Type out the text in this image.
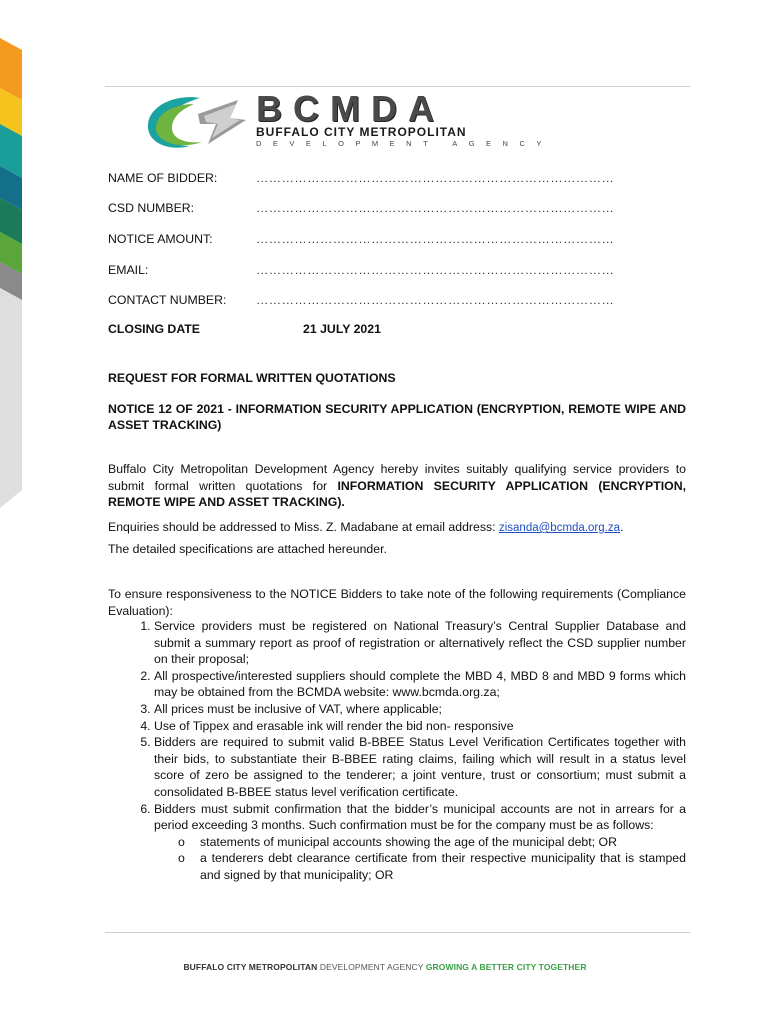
BCMDA
BUFFALO CITY METROPOLITAN
DEVELOPMENT AGENCY
NAME OF BIDDER:	…………………………………………………………………………
CSD NUMBER:	…………………………………………………………………………
NOTICE AMOUNT:	…………………………………………………………………………
EMAIL:	…………………………………………………………………………
CONTACT NUMBER: …………………………………………………………………………
CLOSING DATE	21 JULY 2021
REQUEST FOR FORMAL WRITTEN QUOTATIONS
NOTICE 12 OF 2021 - INFORMATION SECURITY APPLICATION (ENCRYPTION, REMOTE WIPE AND ASSET TRACKING)
Buffalo City Metropolitan Development Agency hereby invites suitably qualifying service providers to submit formal written quotations for INFORMATION SECURITY APPLICATION (ENCRYPTION, REMOTE WIPE AND ASSET TRACKING).
Enquiries should be addressed to Miss. Z. Madabane at email address: zisanda@bcmda.org.za.
The detailed specifications are attached hereunder.
To ensure responsiveness to the NOTICE Bidders to take note of the following requirements (Compliance Evaluation):
1. Service providers must be registered on National Treasury’s Central Supplier Database and submit a summary report as proof of registration or alternatively reflect the CSD supplier number on their proposal;
2. All prospective/interested suppliers should complete the MBD 4, MBD 8 and MBD 9 forms which may be obtained from the BCMDA website: www.bcmda.org.za;
3. All prices must be inclusive of VAT, where applicable;
4. Use of Tippex and erasable ink will render the bid non- responsive
5. Bidders are required to submit valid B-BBEE Status Level Verification Certificates together with their bids, to substantiate their B-BBEE rating claims, failing which will result in a status level score of zero be assigned to the tenderer; a joint venture, trust or consortium; must submit a consolidated B-BBEE status level verification certificate.
6. Bidders must submit confirmation that the bidder’s municipal accounts are not in arrears for a period exceeding 3 months. Such confirmation must be for the company must be as follows:
o statements of municipal accounts showing the age of the municipal debt; OR
o a tenderers debt clearance certificate from their respective municipality that is stamped and signed by that municipality; OR
BUFFALO CITY METROPOLITAN DEVELOPMENT AGENCY GROWING A BETTER CITY TOGETHER
